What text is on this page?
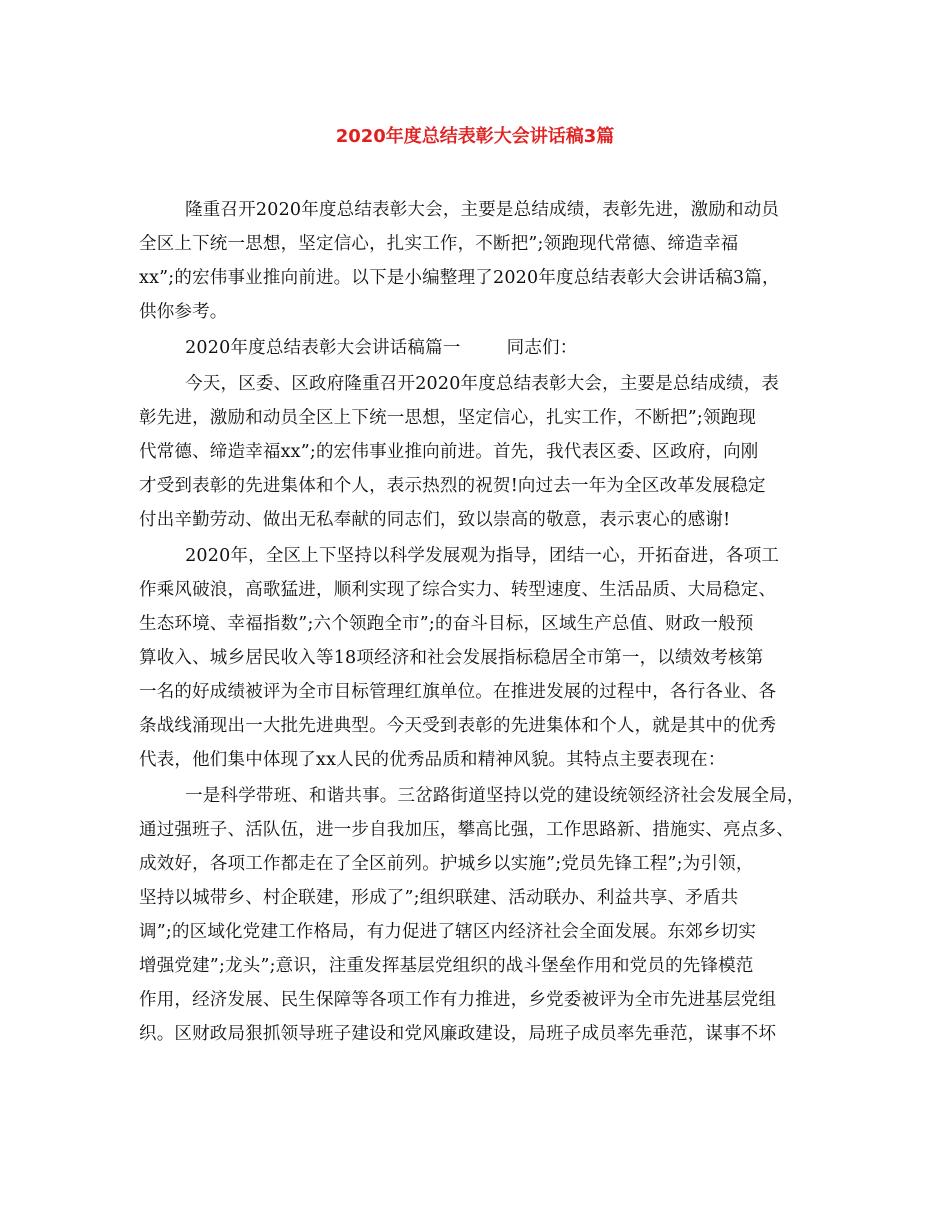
2020年度总结表彰大会讲话稿3篇
隆重召开2020年度总结表彰大会，主要是总结成绩，表彰先进，激励和动员
全区上下统一思想，坚定信心，扎实工作，不断把”;领跑现代常德、缔造幸福
xx”;的宏伟事业推向前进。以下是小编整理了2020年度总结表彰大会讲话稿3篇，
供你参考。
2020年度总结表彰大会讲话稿篇一        同志们：
今天，区委、区政府隆重召开2020年度总结表彰大会，主要是总结成绩，表
彰先进，激励和动员全区上下统一思想，坚定信心，扎实工作，不断把”;领跑现
代常德、缔造幸福xx”;的宏伟事业推向前进。首先，我代表区委、区政府，向刚
才受到表彰的先进集体和个人，表示热烈的祝贺!向过去一年为全区改革发展稳定
付出辛勤劳动、做出无私奉献的同志们，致以崇高的敬意，表示衷心的感谢!
2020年，全区上下坚持以科学发展观为指导，团结一心，开拓奋进，各项工
作乘风破浪，高歌猛进，顺利实现了综合实力、转型速度、生活品质、大局稳定、
生态环境、幸福指数”;六个领跑全市”;的奋斗目标，区域生产总值、财政一般预
算收入、城乡居民收入等18项经济和社会发展指标稳居全市第一，以绩效考核第
一名的好成绩被评为全市目标管理红旗单位。在推进发展的过程中，各行各业、各
条战线涌现出一大批先进典型。今天受到表彰的先进集体和个人，就是其中的优秀
代表，他们集中体现了xx人民的优秀品质和精神风貌。其特点主要表现在：
一是科学带班、和谐共事。三岔路街道坚持以党的建设统领经济社会发展全局，
通过强班子、活队伍，进一步自我加压，攀高比强，工作思路新、措施实、亮点多、
成效好，各项工作都走在了全区前列。护城乡以实施”;党员先锋工程”;为引领，
坚持以城带乡、村企联建，形成了”;组织联建、活动联办、利益共享、矛盾共
调”;的区域化党建工作格局，有力促进了辖区内经济社会全面发展。东郊乡切实
增强党建”;龙头”;意识，注重发挥基层党组织的战斗堡垒作用和党员的先锋模范
作用，经济发展、民生保障等各项工作有力推进，乡党委被评为全市先进基层党组
织。区财政局狠抓领导班子建设和党风廉政建设，局班子成员率先垂范，谋事不坏
